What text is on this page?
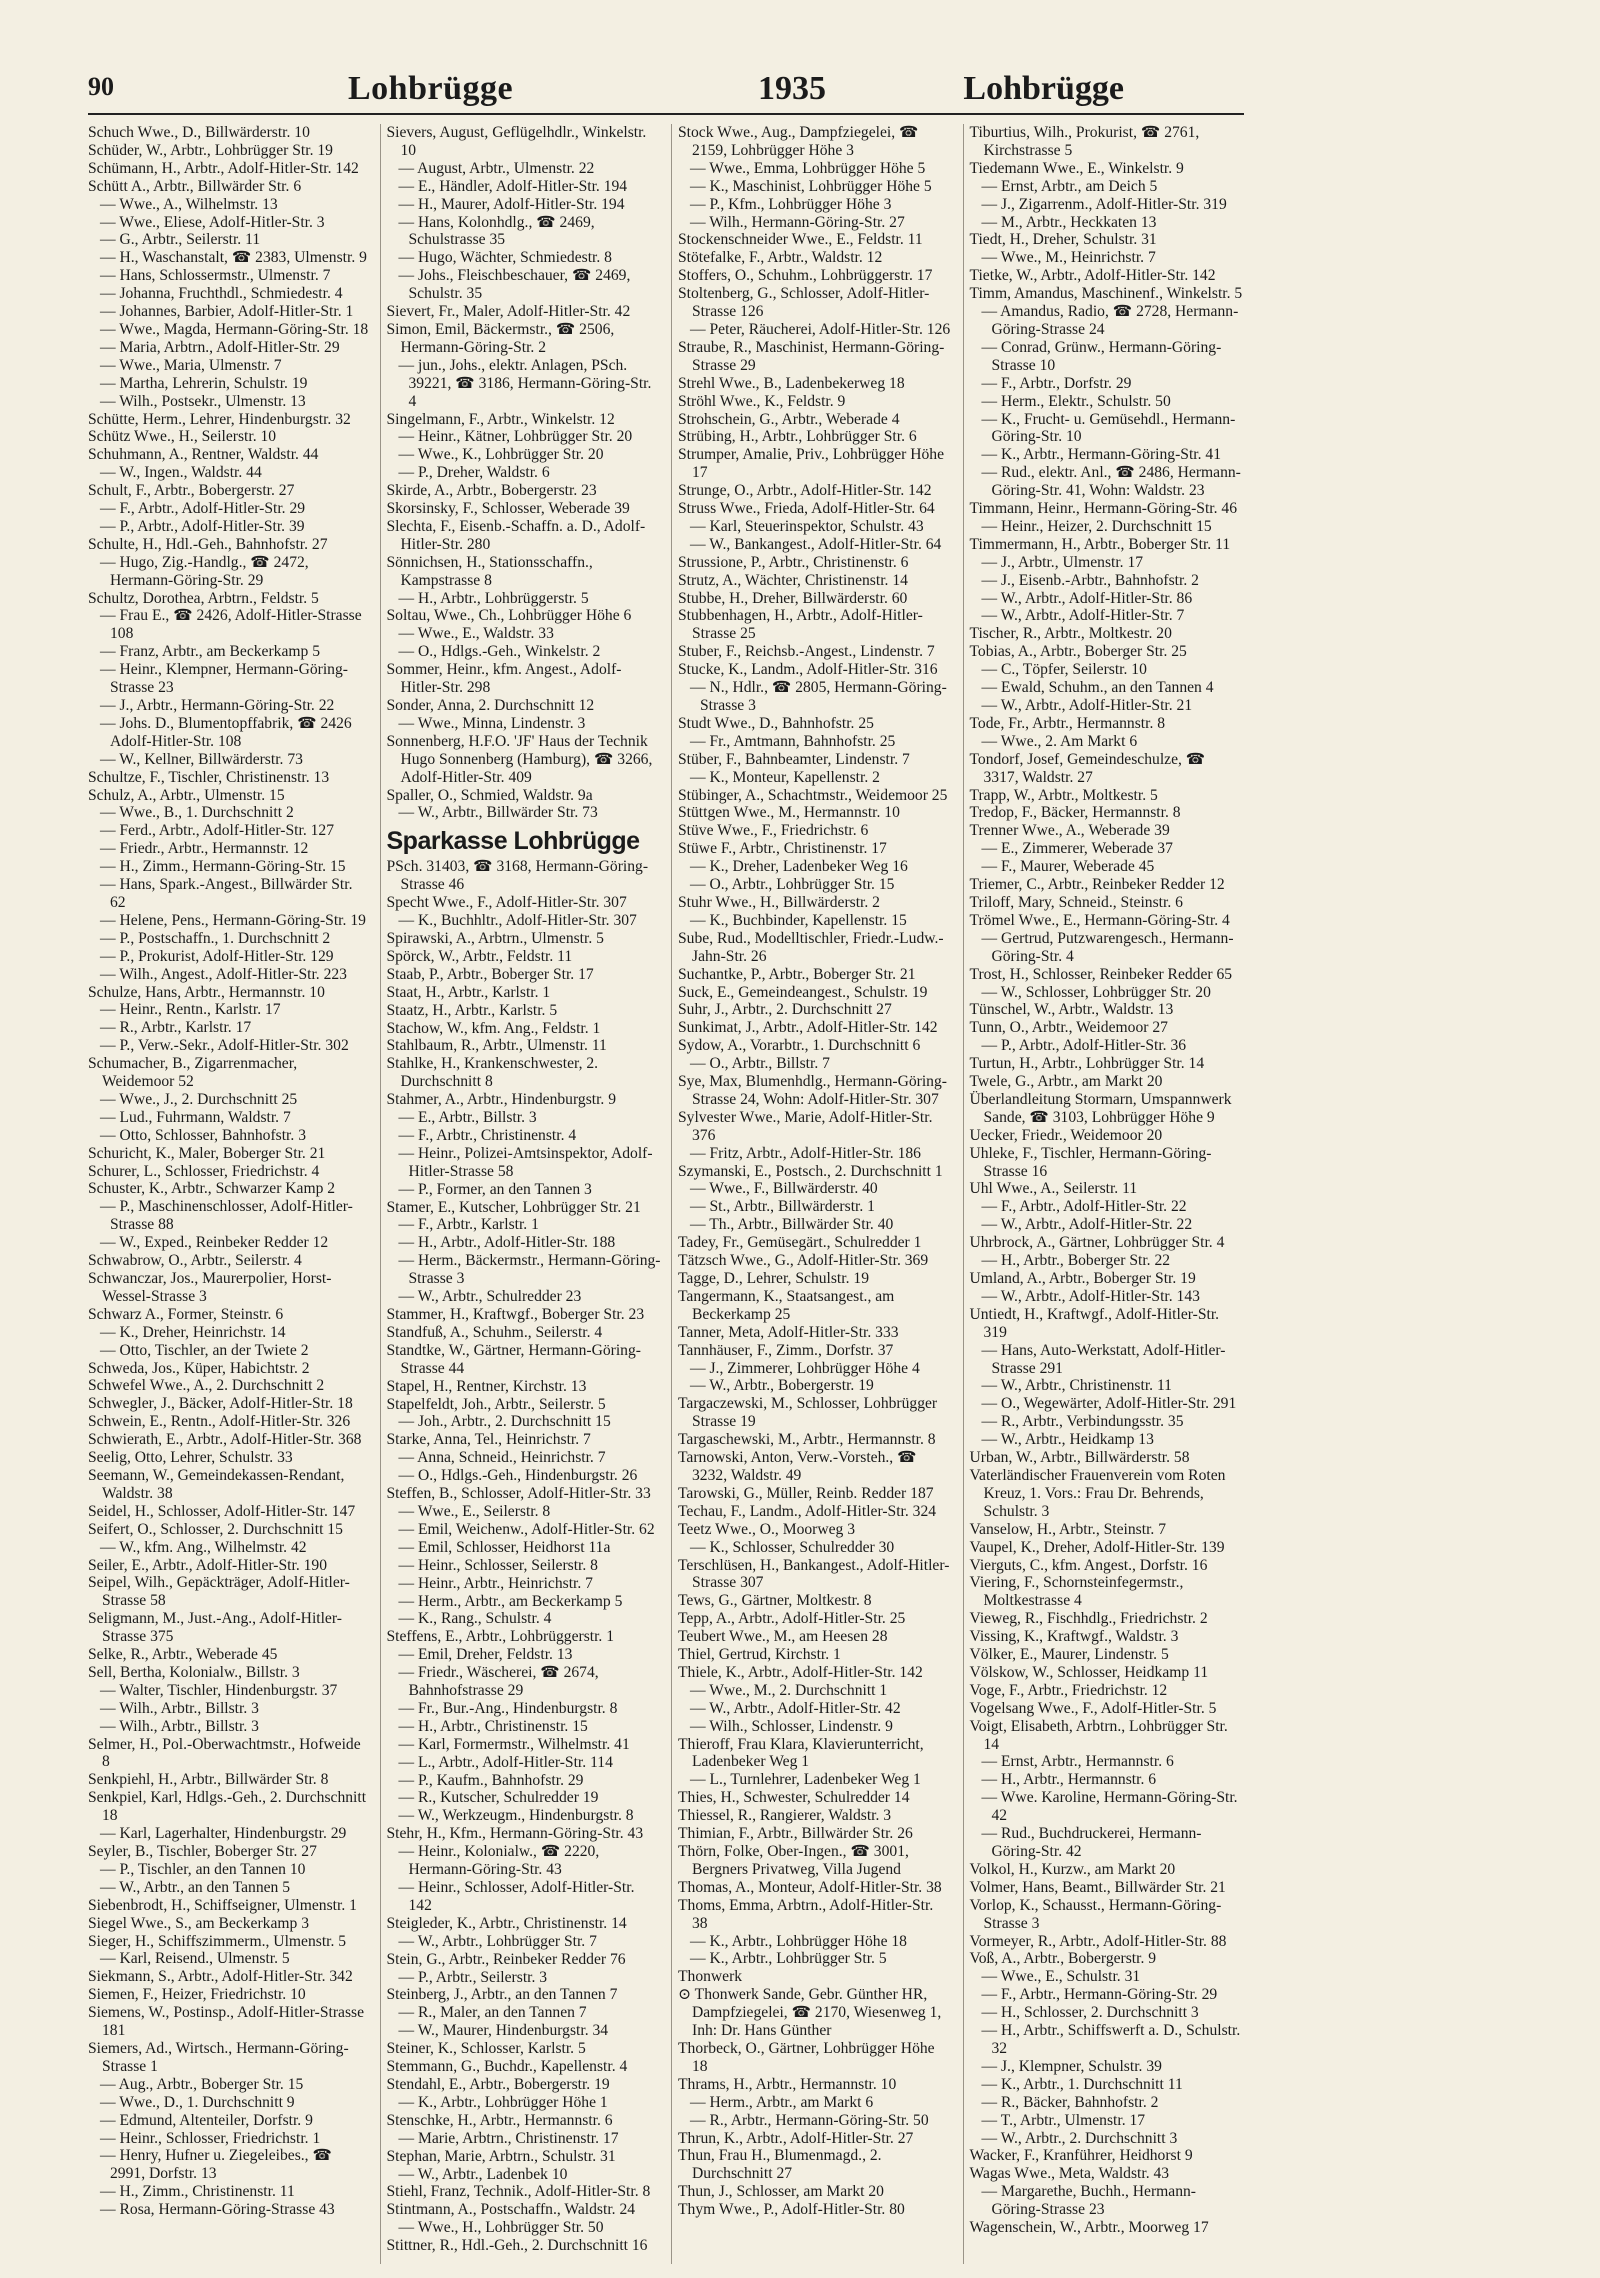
90	Lohbrügge	1935	Lohbrügge
Schuch Wwe., D., Billwärderstr. 10
Schüder, W., Arbtr., Lohbrügger Str. 19
Schümann, H., Arbtr., Adolf-Hitler-Str. 142
Schütt A., Arbtr., Billwärder Str. 6
— Wwe., A., Wilhelmstr. 13
— Wwe., Eliese, Adolf-Hitler-Str. 3
— G., Arbtr., Seilerstr. 11
— H., Waschanstalt, ☎ 2383, Ulmenstr. 9
— Hans, Schlossermstr., Ulmenstr. 7
— Johanna, Fruchthdl., Schmiedestr. 4
— Johannes, Barbier, Adolf-Hitler-Str. 1
— Wwe., Magda, Hermann-Göring-Str. 18
— Maria, Arbtrn., Adolf-Hitler-Str. 29
— Wwe., Maria, Ulmenstr. 7
— Martha, Lehrerin, Schulstr. 19
— Wilh., Postsekr., Ulmenstr. 13
Schütte, Herm., Lehrer, Hindenburgstr. 32
Schütz Wwe., H., Seilerstr. 10
Schuhmann, A., Rentner, Waldstr. 44
— W., Ingen., Waldstr. 44
Schult, F., Arbtr., Bobergerstr. 27
— F., Arbtr., Adolf-Hitler-Str. 29
— P., Arbtr., Adolf-Hitler-Str. 39
Schulte, H., Hdl.-Geh., Bahnhofstr. 27
— Hugo, Zig.-Handlg., ☎ 2472, Hermann-Göring-Str. 29
Schultz, Dorothea, Arbtrn., Feldstr. 5
— Frau E., ☎ 2426, Adolf-Hitler-Strasse 108
— Franz, Arbtr., am Beckerkamp 5
— Heinr., Klempner, Hermann-Göring-Strasse 23
— J., Arbtr., Hermann-Göring-Str. 22
— Johs. D., Blumentopffabrik, ☎ 2426 Adolf-Hitler-Str. 108
— W., Kellner, Billwärderstr. 73
Schultze, F., Tischler, Christinenstr. 13
Schulz, A., Arbtr., Ulmenstr. 15
— Wwe., B., 1. Durchschnitt 2
— Ferd., Arbtr., Adolf-Hitler-Str. 127
— Friedr., Arbtr., Hermannstr. 12
— H., Zimm., Hermann-Göring-Str. 15
— Hans, Spark.-Angest., Billwärder Str. 62
— Helene, Pens., Hermann-Göring-Str. 19
— P., Postschaffn., 1. Durchschnitt 2
— P., Prokurist, Adolf-Hitler-Str. 129
— Wilh., Angest., Adolf-Hitler-Str. 223
Schulze, Hans, Arbtr., Hermannstr. 10
— Heinr., Rentn., Karlstr. 17
— R., Arbtr., Karlstr. 17
— P., Verw.-Sekr., Adolf-Hitler-Str. 302
Schumacher, B., Zigarrenmacher, Weidemoor 52
— Wwe., J., 2. Durchschnitt 25
— Lud., Fuhrmann, Waldstr. 7
— Otto, Schlosser, Bahnhofstr. 3
Schuricht, K., Maler, Boberger Str. 21
Schurer, L., Schlosser, Friedrichstr. 4
Schuster, K., Arbtr., Schwarzer Kamp 2
— P., Maschinenschlosser, Adolf-Hitler-Strasse 88
— W., Exped., Reinbeker Redder 12
Schwabrow, O., Arbtr., Seilerstr. 4
Schwanczar, Jos., Maurerpolier, Horst-Wessel-Strasse 3
Schwarz A., Former, Steinstr. 6
— K., Dreher, Heinrichstr. 14
— Otto, Tischler, an der Twiete 2
Schweda, Jos., Küper, Habichtstr. 2
Schwefel Wwe., A., 2. Durchschnitt 2
Schwegler, J., Bäcker, Adolf-Hitler-Str. 18
Schwein, E., Rentn., Adolf-Hitler-Str. 326
Schwierath, E., Arbtr., Adolf-Hitler-Str. 368
Seelig, Otto, Lehrer, Schulstr. 33
Seemann, W., Gemeindekassen-Rendant, Waldstr. 38
Seidel, H., Schlosser, Adolf-Hitler-Str. 147
Seifert, O., Schlosser, 2. Durchschnitt 15
— W., kfm. Ang., Wilhelmstr. 42
Seiler, E., Arbtr., Adolf-Hitler-Str. 190
Seipel, Wilh., Gepäckträger, Adolf-Hitler-Strasse 58
Seligmann, M., Just.-Ang., Adolf-Hitler-Strasse 375
Selke, R., Arbtr., Weberade 45
Sell, Bertha, Kolonialw., Billstr. 3
— Walter, Tischler, Hindenburgstr. 37
— Wilh., Arbtr., Billstr. 3
— Wilh., Arbtr., Billstr. 3
Selmer, H., Pol.-Oberwachtmstr., Hofweide 8
Senkpiehl, H., Arbtr., Billwärder Str. 8
Senkpiel, Karl, Hdlgs.-Geh., 2. Durchschnitt 18
— Karl, Lagerhalter, Hindenburgstr. 29
Seyler, B., Tischler, Boberger Str. 27
— P., Tischler, an den Tannen 10
— W., Arbtr., an den Tannen 5
Siebenbrodt, H., Schiffseigner, Ulmenstr. 1
Siegel Wwe., S., am Beckerkamp 3
Sieger, H., Schiffszimmerm., Ulmenstr. 5
— Karl, Reisend., Ulmenstr. 5
Siekmann, S., Arbtr., Adolf-Hitler-Str. 342
Siemen, F., Heizer, Friedrichstr. 10
Siemens, W., Postinsp., Adolf-Hitler-Strasse 181
Siemers, Ad., Wirtsch., Hermann-Göring-Strasse 1
— Aug., Arbtr., Boberger Str. 15
— Wwe., D., 1. Durchschnitt 9
— Edmund, Altenteiler, Dorfstr. 9
— Heinr., Schlosser, Friedrichstr. 1
— Henry, Hufner u. Ziegeleibes., ☎ 2991, Dorfstr. 13
— H., Zimm., Christinenstr. 11
— Rosa, Hermann-Göring-Strasse 43
Sievers, August, Geflügelhdlr., Winkelstr. 10
— August, Arbtr., Ulmenstr. 22
— E., Händler, Adolf-Hitler-Str. 194
— H., Maurer, Adolf-Hitler-Str. 194
— Hans, Kolonhdlg., ☎ 2469, Schulstrasse 35
— Hugo, Wächter, Schmiedestr. 8
— Johs., Fleischbeschauer, ☎ 2469, Schulstr. 35
Sievert, Fr., Maler, Adolf-Hitler-Str. 42
Simon, Emil, Bäckermstr., ☎ 2506, Hermann-Göring-Str. 2
— jun., Johs., elektr. Anlagen, PSch. 39221, ☎ 3186, Hermann-Göring-Str. 4
Singelmann, F., Arbtr., Winkelstr. 12
— Heinr., Kätner, Lohbrügger Str. 20
— Wwe., K., Lohbrügger Str. 20
— P., Dreher, Waldstr. 6
Skirde, A., Arbtr., Bobergerstr. 23
Skorsinsky, F., Schlosser, Weberade 39
Slechta, F., Eisenb.-Schaffn. a. D., Adolf-Hitler-Str. 280
Sönnichsen, H., Stationsschaffn., Kampstrasse 8
— H., Arbtr., Lohbrüggerstr. 5
Soltau, Wwe., Ch., Lohbrügger Höhe 6
— Wwe., E., Waldstr. 33
— O., Hdlgs.-Geh., Winkelstr. 2
Sommer, Heinr., kfm. Angest., Adolf-Hitler-Str. 298
Sonder, Anna, 2. Durchschnitt 12
— Wwe., Minna, Lindenstr. 3
Sonnenberg, H.F.O. 'JF' Haus der Technik Hugo Sonnenberg (Hamburg), ☎ 3266, Adolf-Hitler-Str. 409
Spaller, O., Schmied, Waldstr. 9a
— W., Arbtr., Billwärder Str. 73
Sparkasse Lohbrügge
PSch. 31403, ☎ 3168, Hermann-Göring-Strasse 46
Specht Wwe., F., Adolf-Hitler-Str. 307
— K., Buchhltr., Adolf-Hitler-Str. 307
Spirawski, A., Arbtrn., Ulmenstr. 5
Spörck, W., Arbtr., Feldstr. 11
Staab, P., Arbtr., Boberger Str. 17
Staat, H., Arbtr., Karlstr. 1
Staatz, H., Arbtr., Karlstr. 5
Stachow, W., kfm. Ang., Feldstr. 1
Stahlbaum, R., Arbtr., Ulmenstr. 11
Stahlke, H., Krankenschwester, 2. Durchschnitt 8
Stahmer, A., Arbtr., Hindenburgstr. 9
— E., Arbtr., Billstr. 3
— F., Arbtr., Christinenstr. 4
— Heinr., Polizei-Amtsinspektor, Adolf-Hitler-Strasse 58
— P., Former, an den Tannen 3
Stamer, E., Kutscher, Lohbrügger Str. 21
— F., Arbtr., Karlstr. 1
— H., Arbtr., Adolf-Hitler-Str. 188
— Herm., Bäckermstr., Hermann-Göring-Strasse 3
— W., Arbtr., Schulredder 23
Stammer, H., Kraftwgf., Boberger Str. 23
Standfuß, A., Schuhm., Seilerstr. 4
Standtke, W., Gärtner, Hermann-Göring-Strasse 44
Stapel, H., Rentner, Kirchstr. 13
Stapelfeldt, Joh., Arbtr., Seilerstr. 5
— Joh., Arbtr., 2. Durchschnitt 15
Starke, Anna, Tel., Heinrichstr. 7
— Anna, Schneid., Heinrichstr. 7
— O., Hdlgs.-Geh., Hindenburgstr. 26
Steffen, B., Schlosser, Adolf-Hitler-Str. 33
— Wwe., E., Seilerstr. 8
— Emil, Weichenw., Adolf-Hitler-Str. 62
— Emil, Schlosser, Heidhorst 11a
— Heinr., Schlosser, Seilerstr. 8
— Heinr., Arbtr., Heinrichstr. 7
— Herm., Arbtr., am Beckerkamp 5
— K., Rang., Schulstr. 4
Steffens, E., Arbtr., Lohbrüggerstr. 1
— Emil, Dreher, Feldstr. 13
— Friedr., Wäscherei, ☎ 2674, Bahnhofstrasse 29
— Fr., Bur.-Ang., Hindenburgstr. 8
— H., Arbtr., Christinenstr. 15
— Karl, Formermstr., Wilhelmstr. 41
— L., Arbtr., Adolf-Hitler-Str. 114
— P., Kaufm., Bahnhofstr. 29
— R., Kutscher, Schulredder 19
— W., Werkzeugm., Hindenburgstr. 8
Stehr, H., Kfm., Hermann-Göring-Str. 43
— Heinr., Kolonialw., ☎ 2220, Hermann-Göring-Str. 43
— Heinr., Schlosser, Adolf-Hitler-Str. 142
Steigleder, K., Arbtr., Christinenstr. 14
— W., Arbtr., Lohbrügger Str. 7
Stein, G., Arbtr., Reinbeker Redder 76
— P., Arbtr., Seilerstr. 3
Steinberg, J., Arbtr., an den Tannen 7
— R., Maler, an den Tannen 7
— W., Maurer, Hindenburgstr. 34
Steiner, K., Schlosser, Karlstr. 5
Stemmann, G., Buchdr., Kapellenstr. 4
Stendahl, E., Arbtr., Bobergerstr. 19
— K., Arbtr., Lohbrügger Höhe 1
Stenschke, H., Arbtr., Hermannstr. 6
— Marie, Arbtrn., Christinenstr. 17
Stephan, Marie, Arbtrn., Schulstr. 31
— W., Arbtr., Ladenbek 10
Stiehl, Franz, Technik., Adolf-Hitler-Str. 8
Stintmann, A., Postschaffn., Waldstr. 24
— Wwe., H., Lohbrügger Str. 50
Stittner, R., Hdl.-Geh., 2. Durchschnitt 16
Stock Wwe., Aug., Dampfziegelei, ☎ 2159, Lohbrügger Höhe 3
— Wwe., Emma, Lohbrügger Höhe 5
— K., Maschinist, Lohbrügger Höhe 5
— P., Kfm., Lohbrügger Höhe 3
— Wilh., Hermann-Göring-Str. 27
Stockenschneider Wwe., E., Feldstr. 11
Stötefalke, F., Arbtr., Waldstr. 12
Stoffers, O., Schuhm., Lohbrüggerstr. 17
Stoltenberg, G., Schlosser, Adolf-Hitler-Strasse 126
— Peter, Räucherei, Adolf-Hitler-Str. 126
Straube, R., Maschinist, Hermann-Göring-Strasse 29
Strehl Wwe., B., Ladenbekerweg 18
Ströhl Wwe., K., Feldstr. 9
Strohschein, G., Arbtr., Weberade 4
Strübing, H., Arbtr., Lohbrügger Str. 6
Strumper, Amalie, Priv., Lohbrügger Höhe 17
Strunge, O., Arbtr., Adolf-Hitler-Str. 142
Struss Wwe., Frieda, Adolf-Hitler-Str. 64
— Karl, Steuerinspektor, Schulstr. 43
— W., Bankangest., Adolf-Hitler-Str. 64
Strussione, P., Arbtr., Christinenstr. 6
Strutz, A., Wächter, Christinenstr. 14
Stubbe, H., Dreher, Billwärderstr. 60
Stubbenhagen, H., Arbtr., Adolf-Hitler-Strasse 25
Stuber, F., Reichsb.-Angest., Lindenstr. 7
Stucke, K., Landm., Adolf-Hitler-Str. 316
— N., Hdlr., ☎ 2805, Hermann-Göring-Strasse 3
Studt Wwe., D., Bahnhofstr. 25
— Fr., Amtmann, Bahnhofstr. 25
Stüber, F., Bahnbeamter, Lindenstr. 7
— K., Monteur, Kapellenstr. 2
Stübinger, A., Schachtmstr., Weidemoor 25
Stüttgen Wwe., M., Hermannstr. 10
Stüve Wwe., F., Friedrichstr. 6
Stüwe F., Arbtr., Christinenstr. 17
— K., Dreher, Ladenbeker Weg 16
— O., Arbtr., Lohbrügger Str. 15
Stuhr Wwe., H., Billwärderstr. 2
— K., Buchbinder, Kapellenstr. 15
Sube, Rud., Modelltischler, Friedr.-Ludw.-Jahn-Str. 26
Suchantke, P., Arbtr., Boberger Str. 21
Suck, E., Gemeindeangest., Schulstr. 19
Suhr, J., Arbtr., 2. Durchschnitt 27
Sunkimat, J., Arbtr., Adolf-Hitler-Str. 142
Sydow, A., Vorarbtr., 1. Durchschnitt 6
— O., Arbtr., Billstr. 7
Sye, Max, Blumenhdlg., Hermann-Göring-Strasse 24, Wohn: Adolf-Hitler-Str. 307
Sylvester Wwe., Marie, Adolf-Hitler-Str. 376
— Fritz, Arbtr., Adolf-Hitler-Str. 186
Szymanski, E., Postsch., 2. Durchschnitt 1
— Wwe., F., Billwärderstr. 40
— St., Arbtr., Billwärderstr. 1
— Th., Arbtr., Billwärder Str. 40
Tadey, Fr., Gemüsegärt., Schulredder 1
Tätzsch Wwe., G., Adolf-Hitler-Str. 369
Tagge, D., Lehrer, Schulstr. 19
Tangermann, K., Staatsangest., am Beckerkamp 25
Tanner, Meta, Adolf-Hitler-Str. 333
Tannhäuser, F., Zimm., Dorfstr. 37
— J., Zimmerer, Lohbrügger Höhe 4
— W., Arbtr., Bobergerstr. 19
Targaczewski, M., Schlosser, Lohbrügger Strasse 19
Targaschewski, M., Arbtr., Hermannstr. 8
Tarnowski, Anton, Verw.-Vorsteh., ☎ 3232, Waldstr. 49
Tarowski, G., Müller, Reinb. Redder 187
Techau, F., Landm., Adolf-Hitler-Str. 324
Teetz Wwe., O., Moorweg 3
— K., Schlosser, Schulredder 30
Terschlüsen, H., Bankangest., Adolf-Hitler-Strasse 307
Tews, G., Gärtner, Moltkestr. 8
Tepp, A., Arbtr., Adolf-Hitler-Str. 25
Teubert Wwe., M., am Heesen 28
Thiel, Gertrud, Kirchstr. 1
Thiele, K., Arbtr., Adolf-Hitler-Str. 142
— Wwe., M., 2. Durchschnitt 1
— W., Arbtr., Adolf-Hitler-Str. 42
— Wilh., Schlosser, Lindenstr. 9
Thieroff, Frau Klara, Klavierunterricht, Ladenbeker Weg 1
— L., Turnlehrer, Ladenbeker Weg 1
Thies, H., Schwester, Schulredder 14
Thiessel, R., Rangierer, Waldstr. 3
Thimian, F., Arbtr., Billwärder Str. 26
Thörn, Folke, Ober-Ingen., ☎ 3001, Bergners Privatweg, Villa Jugend
Thomas, A., Monteur, Adolf-Hitler-Str. 38
Thoms, Emma, Arbtrn., Adolf-Hitler-Str. 38
— K., Arbtr., Lohbrügger Höhe 18
— K., Arbtr., Lohbrügger Str. 5
Thonwerk
⊙ Thonwerk Sande, Gebr. Günther HR, Dampfziegelei, ☎ 2170, Wiesenweg 1, Inh: Dr. Hans Günther
Thorbeck, O., Gärtner, Lohbrügger Höhe 18
Thrams, H., Arbtr., Hermannstr. 10
— Herm., Arbtr., am Markt 6
— R., Arbtr., Hermann-Göring-Str. 50
Thrun, K., Arbtr., Adolf-Hitler-Str. 27
Thun, Frau H., Blumenmagd., 2. Durchschnitt 27
Thun, J., Schlosser, am Markt 20
Thym Wwe., P., Adolf-Hitler-Str. 80
Tiburtius, Wilh., Prokurist, ☎ 2761, Kirchstrasse 5
Tiedemann Wwe., E., Winkelstr. 9
— Ernst, Arbtr., am Deich 5
— J., Zigarrenm., Adolf-Hitler-Str. 319
— M., Arbtr., Heckkaten 13
Tiedt, H., Dreher, Schulstr. 31
— Wwe., M., Heinrichstr. 7
Tietke, W., Arbtr., Adolf-Hitler-Str. 142
Timm, Amandus, Maschinenf., Winkelstr. 5
— Amandus, Radio, ☎ 2728, Hermann-Göring-Strasse 24
— Conrad, Grünw., Hermann-Göring-Strasse 10
— F., Arbtr., Dorfstr. 29
— Herm., Elektr., Schulstr. 50
— K., Frucht- u. Gemüsehdl., Hermann-Göring-Str. 10
— K., Arbtr., Hermann-Göring-Str. 41
— Rud., elektr. Anl., ☎ 2486, Hermann-Göring-Str. 41, Wohn: Waldstr. 23
Timmann, Heinr., Hermann-Göring-Str. 46
— Heinr., Heizer, 2. Durchschnitt 15
Timmermann, H., Arbtr., Boberger Str. 11
— J., Arbtr., Ulmenstr. 17
— J., Eisenb.-Arbtr., Bahnhofstr. 2
— W., Arbtr., Adolf-Hitler-Str. 86
— W., Arbtr., Adolf-Hitler-Str. 7
Tischer, R., Arbtr., Moltkestr. 20
Tobias, A., Arbtr., Boberger Str. 25
— C., Töpfer, Seilerstr. 10
— Ewald, Schuhm., an den Tannen 4
— W., Arbtr., Adolf-Hitler-Str. 21
Tode, Fr., Arbtr., Hermannstr. 8
— Wwe., 2. Am Markt 6
Tondorf, Josef, Gemeindeschulze, ☎ 3317, Waldstr. 27
Trapp, W., Arbtr., Moltkestr. 5
Tredop, F., Bäcker, Hermannstr. 8
Trenner Wwe., A., Weberade 39
— E., Zimmerer, Weberade 37
— F., Maurer, Weberade 45
Triemer, C., Arbtr., Reinbeker Redder 12
Triloff, Mary, Schneid., Steinstr. 6
Trömel Wwe., E., Hermann-Göring-Str. 4
— Gertrud, Putzwarengesch., Hermann-Göring-Str. 4
Trost, H., Schlosser, Reinbeker Redder 65
— W., Schlosser, Lohbrügger Str. 20
Tünschel, W., Arbtr., Waldstr. 13
Tunn, O., Arbtr., Weidemoor 27
— P., Arbtr., Adolf-Hitler-Str. 36
Turtun, H., Arbtr., Lohbrügger Str. 14
Twele, G., Arbtr., am Markt 20
Überlandleitung Stormarn, Umspannwerk Sande, ☎ 3103, Lohbrügger Höhe 9
Uecker, Friedr., Weidemoor 20
Uhleke, F., Tischler, Hermann-Göring-Strasse 16
Uhl Wwe., A., Seilerstr. 11
— F., Arbtr., Adolf-Hitler-Str. 22
— W., Arbtr., Adolf-Hitler-Str. 22
Uhrbrock, A., Gärtner, Lohbrügger Str. 4
— H., Arbtr., Boberger Str. 22
Umland, A., Arbtr., Boberger Str. 19
— W., Arbtr., Adolf-Hitler-Str. 143
Untiedt, H., Kraftwgf., Adolf-Hitler-Str. 319
— Hans, Auto-Werkstatt, Adolf-Hitler-Strasse 291
— W., Arbtr., Christinenstr. 11
— O., Wegewärter, Adolf-Hitler-Str. 291
— R., Arbtr., Verbindungsstr. 35
— W., Arbtr., Heidkamp 13
Urban, W., Arbtr., Billwärderstr. 58
Vaterländischer Frauenverein vom Roten Kreuz, 1. Vors.: Frau Dr. Behrends, Schulstr. 3
Vanselow, H., Arbtr., Steinstr. 7
Vaupel, K., Dreher, Adolf-Hitler-Str. 139
Vierguts, C., kfm. Angest., Dorfstr. 16
Viering, F., Schornsteinfegermstr., Moltkestrasse 4
Vieweg, R., Fischhdlg., Friedrichstr. 2
Vissing, K., Kraftwgf., Waldstr. 3
Völker, E., Maurer, Lindenstr. 5
Völskow, W., Schlosser, Heidkamp 11
Voge, F., Arbtr., Friedrichstr. 12
Vogelsang Wwe., F., Adolf-Hitler-Str. 5
Voigt, Elisabeth, Arbtrn., Lohbrügger Str. 14
— Ernst, Arbtr., Hermannstr. 6
— H., Arbtr., Hermannstr. 6
— Wwe. Karoline, Hermann-Göring-Str. 42
— Rud., Buchdruckerei, Hermann-Göring-Str. 42
Volkol, H., Kurzw., am Markt 20
Volmer, Hans, Beamt., Billwärder Str. 21
Vorlop, K., Schausst., Hermann-Göring-Strasse 3
Vormeyer, R., Arbtr., Adolf-Hitler-Str. 88
Voß, A., Arbtr., Bobergerstr. 9
— Wwe., E., Schulstr. 31
— F., Arbtr., Hermann-Göring-Str. 29
— H., Schlosser, 2. Durchschnitt 3
— H., Arbtr., Schiffswerft a. D., Schulstr. 32
— J., Klempner, Schulstr. 39
— K., Arbtr., 1. Durchschnitt 11
— R., Bäcker, Bahnhofstr. 2
— T., Arbtr., Ulmenstr. 17
— W., Arbtr., 2. Durchschnitt 3
Wacker, F., Kranführer, Heidhorst 9
Wagas Wwe., Meta, Waldstr. 43
— Margarethe, Buchh., Hermann-Göring-Strasse 23
Wagenschein, W., Arbtr., Moorweg 17
